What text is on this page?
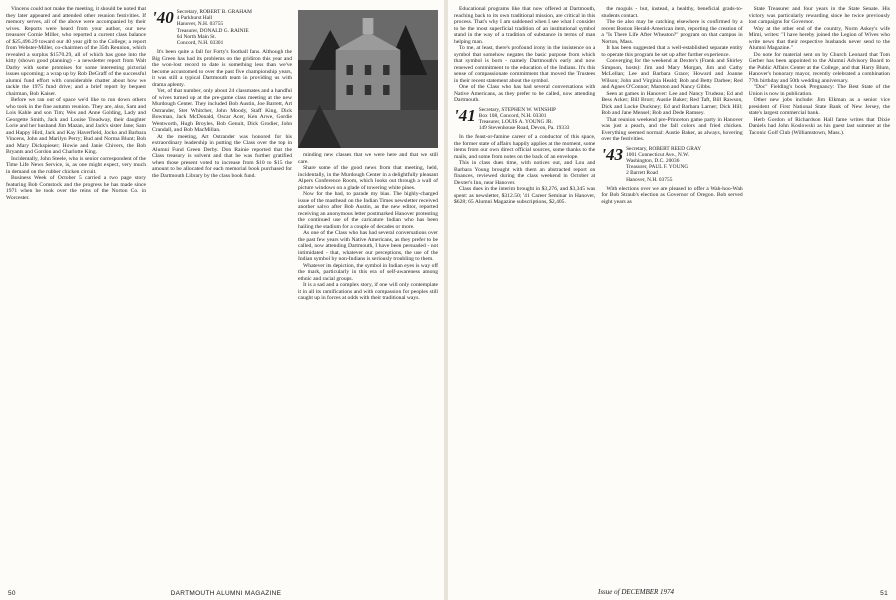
Vincens could not make the meeting, it should be noted that they later appeared and attended other reunion festivities. If memory serves, all of the above were accompanied by their wives. Reports were heard from your author, our new treasurer Cornie Miller, who reported a current class balance of $25,496.29 toward our 40 year gift to the College; a report from Webster-Miller, co-chairmen of the 35th Reunion, which revealed a surplus $1570.29, all of which has gone into the kitty (shown good planning) - a newsletter report from Walt Darby with some promises for some interesting pictorial issues upcoming; a wrap up by Rob DeGraff of the successful alumni fund effort with considerable chatter about how we tackle the 1975 fund drive; and a brief report by bequest chairman, Bob Kaiser.

Before we ran out of space we'd like to run down others who took in the fine autumn reunion. They are, also, Sam and Lois Kahle and son Tim; Wes and Anne Golding, Lady and Georgette Smith, Jack and Louise Treadway, their daughter Lorie and her husband Jim Mazan, and Jack's sister Jane; Sam and Happy Hird, Jack and Kay Haverfield, Jocko and Barbara Vincens, John and Marilyn Perry; Bud and Norma Blunt; Bob and Mary Dickspieser; Howie and Janie Chivers, the Bob Bryants and Gordon and Charlotte King.

Incidentally, John Steele, who is senior correspondent of the Time Life News Service, is, as one might expect, very much in demand on the rubber chicken circuit.

Business Week of October 5 carried a two page story featuring Bob Comstock and the progress he has made since 1971 when he took over the reins of the Norton Co. in Worcester.

'40 Secretary, ROBERT B. GRAHAM
4 Parkhurst Hall
Hanover, N.H. 03755
Treasurer, DONALD G. RAINIE
64 North Main St.
Concord, N.H. 03301

It's been quite a fall for Forty's football fans. Although the Big Green has had its problems on the gridiron this year and the won-lost record to date is something less than we've become accustomed to over the past five championship years, it was still a typical Dartmouth team in providing us with drama aplenty.

Yet, of that number, only about 24 classmates and a handful of wives turned up at the pre-game class meeting at the new Murdough Center. They included Bob Austin, Joe Barrett, Art Ostrander, Stet Whitcher, John Moody, Staff King, Dick Bowman, Jack McDonald, Oscar Acer, Ken Arwe, Gordie Wentworth, Hugh Broyles, Bob Genuit, Dick Grodier, John Crandall, and Bob MacMillan.

At the meeting, Art Ostrander was honored for his extraordinary leadership in putting the Class over the top in Alumni Fund Green Derby. Don Rainie reported that the Class treasury is solvent and that he was further gratified when those present voted to increase from $10 to $15 the amount to be allocated for each memorial book purchased for the Dartmouth Library by the class book fund.

minding new classes that we were here and that we still care.

Share some of the good news from that meeting, held, incidentally, in the Murdough Center in a delightfully pleasant Alpers Conference Room, which looks out through a wall of picture windows on a glade of towering white pines.

Now for the bad, to parade my bias. The highly-charged issue of the masthead on the Indian Times newsletter received another salvo after Bob Austin, as the new editor, reported receiving an anonymous letter postmarked Hanover protesting the continued use of the caricature Indian who has been hailing the stadium for a couple of decades or more.

As one of the Class who has had several conversations over the past few years with Native Americans, as they prefer to be called, now attending Dartmouth, I have been persuaded - not intimidated - that, whatever our perceptions, the use of the Indian symbol by non-Indians is seriously troubling to them.

Whatever its depiction, the symbol in Indian eyes is way off the mark, particularly in this era of self-awareness among ethnic and racial groups.

It is a sad and a complex story, if one will only contemplate it in all its ramifications and with compassion for peoples still caught up in forces at odds with their traditional ways.

50	DARTMOUTH ALUMNI MAGAZINE

Educational programs like that now offered at Dartmouth, reaching back to its own traditional mission, are critical in this process. That's why I am saddened when I see what I consider to be the most superficial tradition of an institutional symbol stand in the way of a tradition of substance in terms of man helping man.

To me, at least, there's profound irony in the insistence on a symbol that somehow negates the basic purpose from which that symbol is born - namely Dartmouth's early and now renewed commitment to the education of the Indians. It's this sense of compassionate commitment that moved the Trustees in their recent statement about the symbol.

One of the Class who has had several conversations with Native Americans, as they prefer to be called, now attending Dartmouth.

'41 Secretary, STEPHEN W. WINSHIP
Box 108, Concord, N.H. 03301
Treasurer, LOUIS A. YOUNG JR.
149 Stevenhouse Road, Devon, Pa. 19333

In the feast-or-famine career of a conductor of this space, the former state of affairs happily applies at the moment, some items from our own direct official sources, some thanks to the mails, and some from notes on the back of an envelope.

This in class dues time, with notices out, and Lou and Barbara Young brought with them an abstracted report on finances, reviewed during the class weekend in October at Dexter's Inn, near Hanover.

Class dues in the interim brought in $3,276, and $3,345 was spent: as newsletter, $312.50; '41 Career Seminar in Hanover, $628; 65 Alumni Magazine subscriptions, $2,405.

the moguls - but, instead, a healthy, beneficial grads-to-students contact.

The tie also may be catching elsewhere is confirmed by a recent Boston Herald-American item, reporting the creation of a "Is There Life After Wheaton?" program on that campus in Norton, Mass.

It has been suggested that a well-established separate entity to operate this program be set up after further experience.

Converging for the weekend at Dexter's (Frank and Shirley Simpson, hosts): Jim and Mary Morgan, Jim and Cathy McLellan; Lee and Barbara Grace; Howard and Joanne Wilson; John and Virginia Heald; Bob and Betty Darbee; Red and Agnes O'Connor; Marston and Nancy Gibbs.

Seen at games in Hanover: Lee and Nancy Trudeau; Ed and Bess Acker; Bill Brorr; Austie Baker; Red Taft, Bill Rawson, Dick and Locke Duckney; Ed and Barbara Larner; Dick Hill; Bob and Jane Mensel; Bob and Dede Ramsey.

That reunion weekend pre-Princeton game party in Hanover was just a peach, and the fall colors and fried chicken. Everything seemed normal: Austie Baker, as always, hovering over the festivities.

'43 Secretary, ROBERT REED GRAY
1001 Connecticut Ave., N.W.
Washington, D.C. 20036
Treasurer, PAUL F. YOUNG
2 Barrett Road
Hanover, N.H. 03755

With elections over we are pleased to offer a Wah-hoo-Wah for Bob Straub's election as Governor of Oregon. Bob served eight years as

State Treasurer and four years in the State Senate. His victory was particularly rewarding since he twice previously lost campaigns for Governor.

Way at the other end of the country, Norm Askey's wife Mimi, writes: "I have hereby joined the Legion of Wives who write news that their respective husbands never send to the Alumni Magazine."

Do note for material sent on by Church Leonard that Tom Gerber has been appointed to the Alumni Advisory Board to the Public Affairs Center at the College, and that Harry Blum, Hanover's honorary mayor, recently celebrated a combination 77th birthday and 50th wedding anniversary.

"Doc" Fielding's book Pregnancy: The Best State of the Union is now in publication.

Other new jobs include: Jim Elkman as a senior vice president of First National State Bank of New Jersey, the state's largest commercial bank.

Herb Gordon of Richardson Hall fame writes that Dixie Daniels had John Koslowski as his guest last summer at the Taconic Golf Club (Williamstown, Mass.).

Issue of DECEMBER 1974	51
